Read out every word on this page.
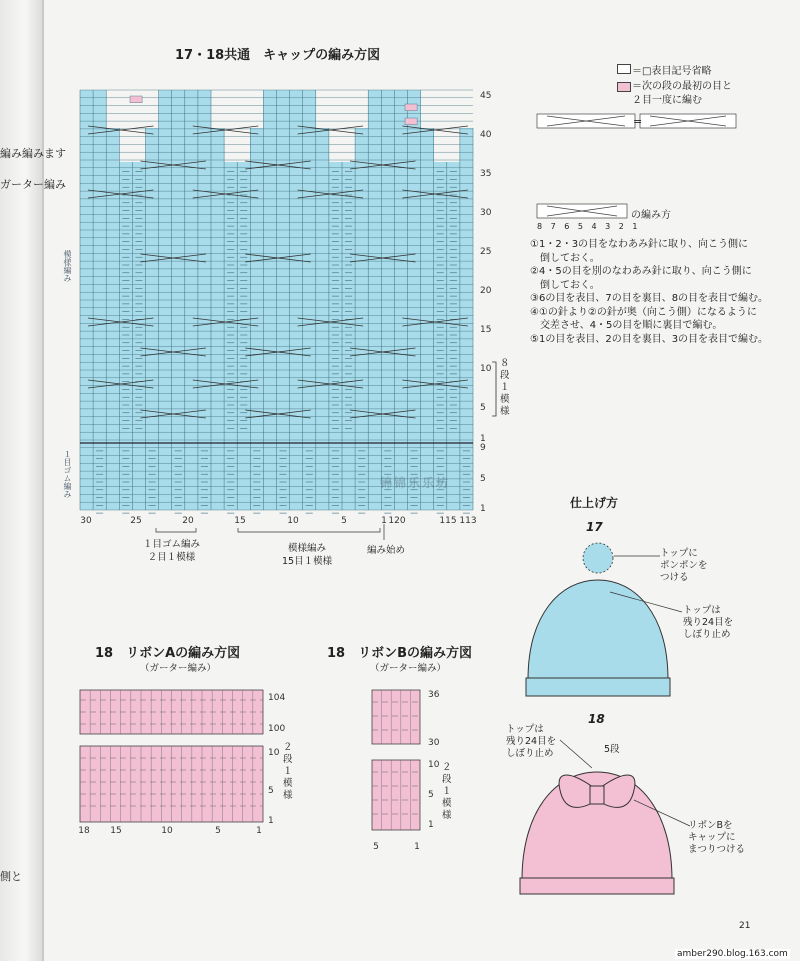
編み編みます
ガーター編み
側と
17・18共通　キャップの編み方図
=
模様編み
１目ゴム編み
８段１模様
１目ゴム編み
２目１模様
模様編み
15目１模様
編み始め
锦锦乐乐坊
＝□表目記号省略
＝次の段の最初の目と
２目一度に編む
の編み方
8 7 6 5 4 3 2 1
①1・2・3の目をなわあみ針に取り、向こう側に
　倒しておく。
②4・5の目を別のなわあみ針に取り、向こう側に
　倒しておく。
③6の目を表目、7の目を裏目、8の目を表目で編む。
④①の針より②の針が奥（向こう側）になるように
　交差させ、4・5の目を順に裏目で編む。
⑤1の目を表目、2の目を裏目、3の目を表目で編む。
仕上げ方
17
トップに
ポンポンを
つける
トップは
残り24目を
しぼり止め
18
トップは
残り24目を
しぼり止め	5段
リボンBを
キャップに
まつりつける
18　リボンAの編み方図
（ガーター編み）
２段１模様
18　リボンBの編み方図
（ガーター編み）
２段１模様
21
amber290.blog.163.com
45
40
35
30
25
20
15
10
5
1
9
5
1
30	25	20	15	10	5	1 120	115 113
104
100
10
5
1
18 15	10	5	1
36
30
10
5
1
5	1
